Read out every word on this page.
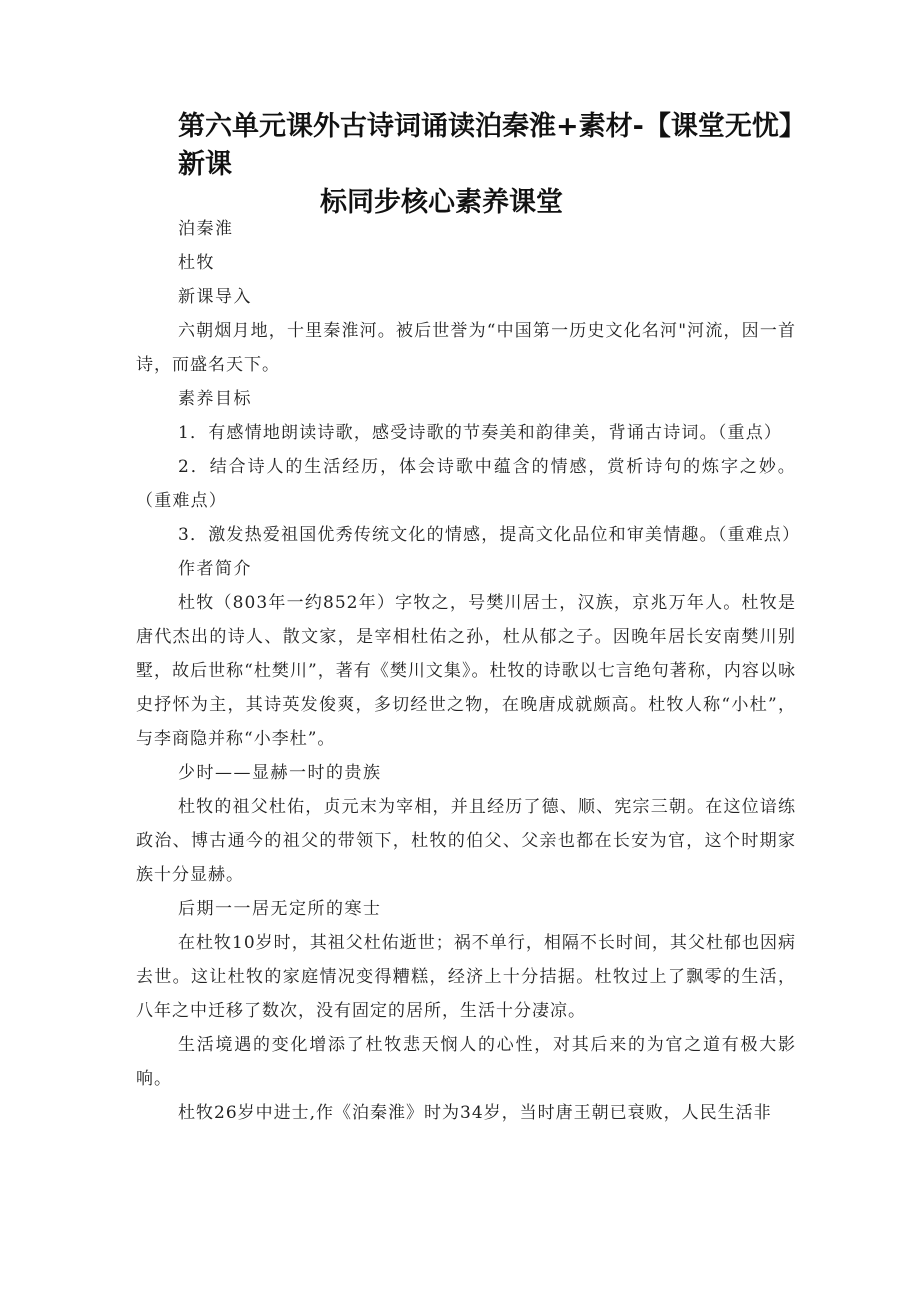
第六单元课外古诗词诵读泊秦淮+素材-【课堂无忧】新课
标同步核心素养课堂

泊秦淮

杜牧

新课导入

六朝烟月地，十里秦淮河。被后世誉为“中国第一历史文化名河"河流，因一首诗，而盛名天下。

素养目标

1．有感情地朗读诗歌，感受诗歌的节奏美和韵律美，背诵古诗词。（重点）

2．结合诗人的生活经历，体会诗歌中蕴含的情感，赏析诗句的炼字之妙。（重难点）

3．激发热爱祖国优秀传统文化的情感，提高文化品位和审美情趣。（重难点）

作者简介

杜牧（803年一约852年）字牧之，号樊川居士，汉族，京兆万年人。杜牧是唐代杰出的诗人、散文家，是宰相杜佑之孙，杜从郁之子。因晚年居长安南樊川别墅，故后世称“杜樊川”，著有《樊川文集》。杜牧的诗歌以七言绝句著称，内容以咏史抒怀为主，其诗英发俊爽，多切经世之物，在晚唐成就颇高。杜牧人称“小杜”，与李商隐并称“小李杜”。

少时——显赫一时的贵族

杜牧的祖父杜佑，贞元末为宰相，并且经历了德、顺、宪宗三朝。在这位谙练政治、博古通今的祖父的带领下，杜牧的伯父、父亲也都在长安为官，这个时期家族十分显赫。

后期一一居无定所的寒士

在杜牧10岁时，其祖父杜佑逝世；祸不单行，相隔不长时间，其父杜郁也因病去世。这让杜牧的家庭情况变得糟糕，经济上十分拮据。杜牧过上了飘零的生活，八年之中迁移了数次，没有固定的居所，生活十分凄凉。

生活境遇的变化增添了杜牧悲天悯人的心性，对其后来的为官之道有极大影响。

杜牧26岁中进士,作《泊秦淮》时为34岁，当时唐王朝已衰败，人民生活非
